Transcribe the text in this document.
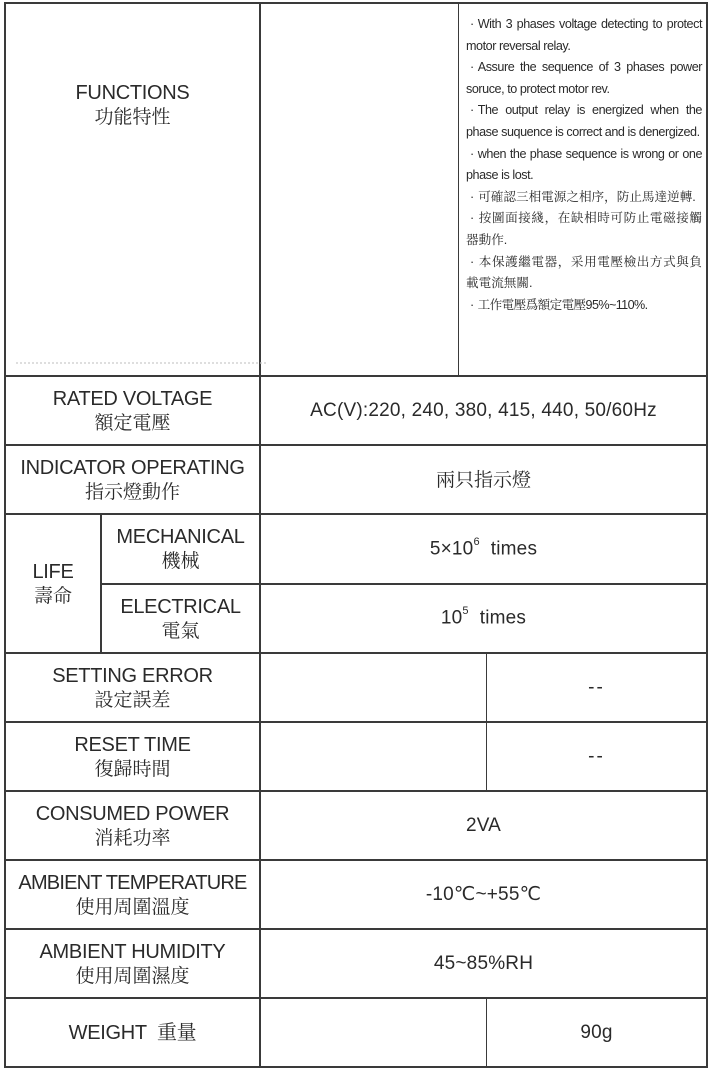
FUNCTIONS
功能特性

· With 3 phases voltage detecting to protect motor reversal relay.

· Assure the sequence of 3 phases power soruce, to protect motor rev.

· The output relay is energized when the phase suquence is correct and is denergized.

· when the phase sequence is wrong or one phase is lost.

· 可確認三相電源之相序，防止馬達逆轉.

· 按圖面接綫，在缺相時可防止電磁接觸器動作.

· 本保護繼電器，采用電壓檢出方式與負載電流無關.

· 工作電壓爲額定電壓95%~110%.

RATED VOLTAGE
額定電壓
AC(V):220, 240, 380, 415, 440, 50/60Hz
INDICATOR OPERATING
指示燈動作
兩只指示燈
LIFE
壽命
MECHANICAL
機械
$5\times 10^6$ times
ELECTRICAL
電氣
$10^5$ times
SETTING ERROR
設定誤差
--
RESET TIME
復歸時間
--
CONSUMED POWER
消耗功率
2VA
AMBIENT TEMPERATURE
使用周圍溫度
-10℃~+55℃
AMBIENT HUMIDITY
使用周圍濕度
45~85%RH
WEIGHT  重量	90g
